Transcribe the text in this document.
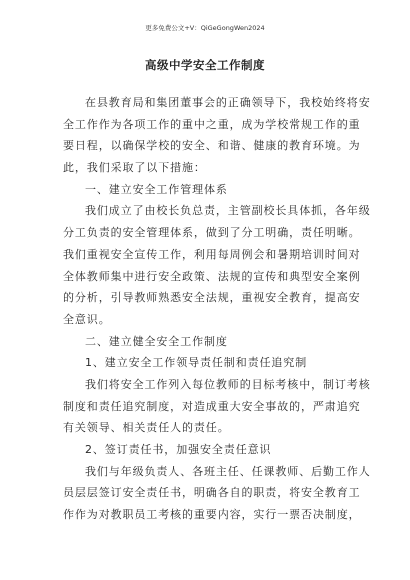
更多免费公文+V：QiGeGongWen2024
高级中学安全工作制度
在县教育局和集团董事会的正确领导下，我校始终将安
全工作作为各项工作的重中之重，成为学校常规工作的重
要日程，以确保学校的安全、和谐、健康的教育环境。为
此，我们采取了以下措施：
一、建立安全工作管理体系
我们成立了由校长负总责，主管副校长具体抓，各年级
分工负责的安全管理体系，做到了分工明确，责任明晰。
我们重视安全宣传工作，利用每周例会和暑期培训时间对
全体教师集中进行安全政策、法规的宣传和典型安全案例
的分析，引导教师熟悉安全法规，重视安全教育，提高安
全意识。
二、建立健全安全工作制度
1、建立安全工作领导责任制和责任追究制
我们将安全工作列入每位教师的目标考核中，制订考核
制度和责任追究制度，对造成重大安全事故的，严肃追究
有关领导、相关责任人的责任。
2、签订责任书，加强安全责任意识
我们与年级负责人、各班主任、任课教师、后勤工作人
员层层签订安全责任书，明确各自的职责，将安全教育工
作作为对教职员工考核的重要内容，实行一票否决制度，
